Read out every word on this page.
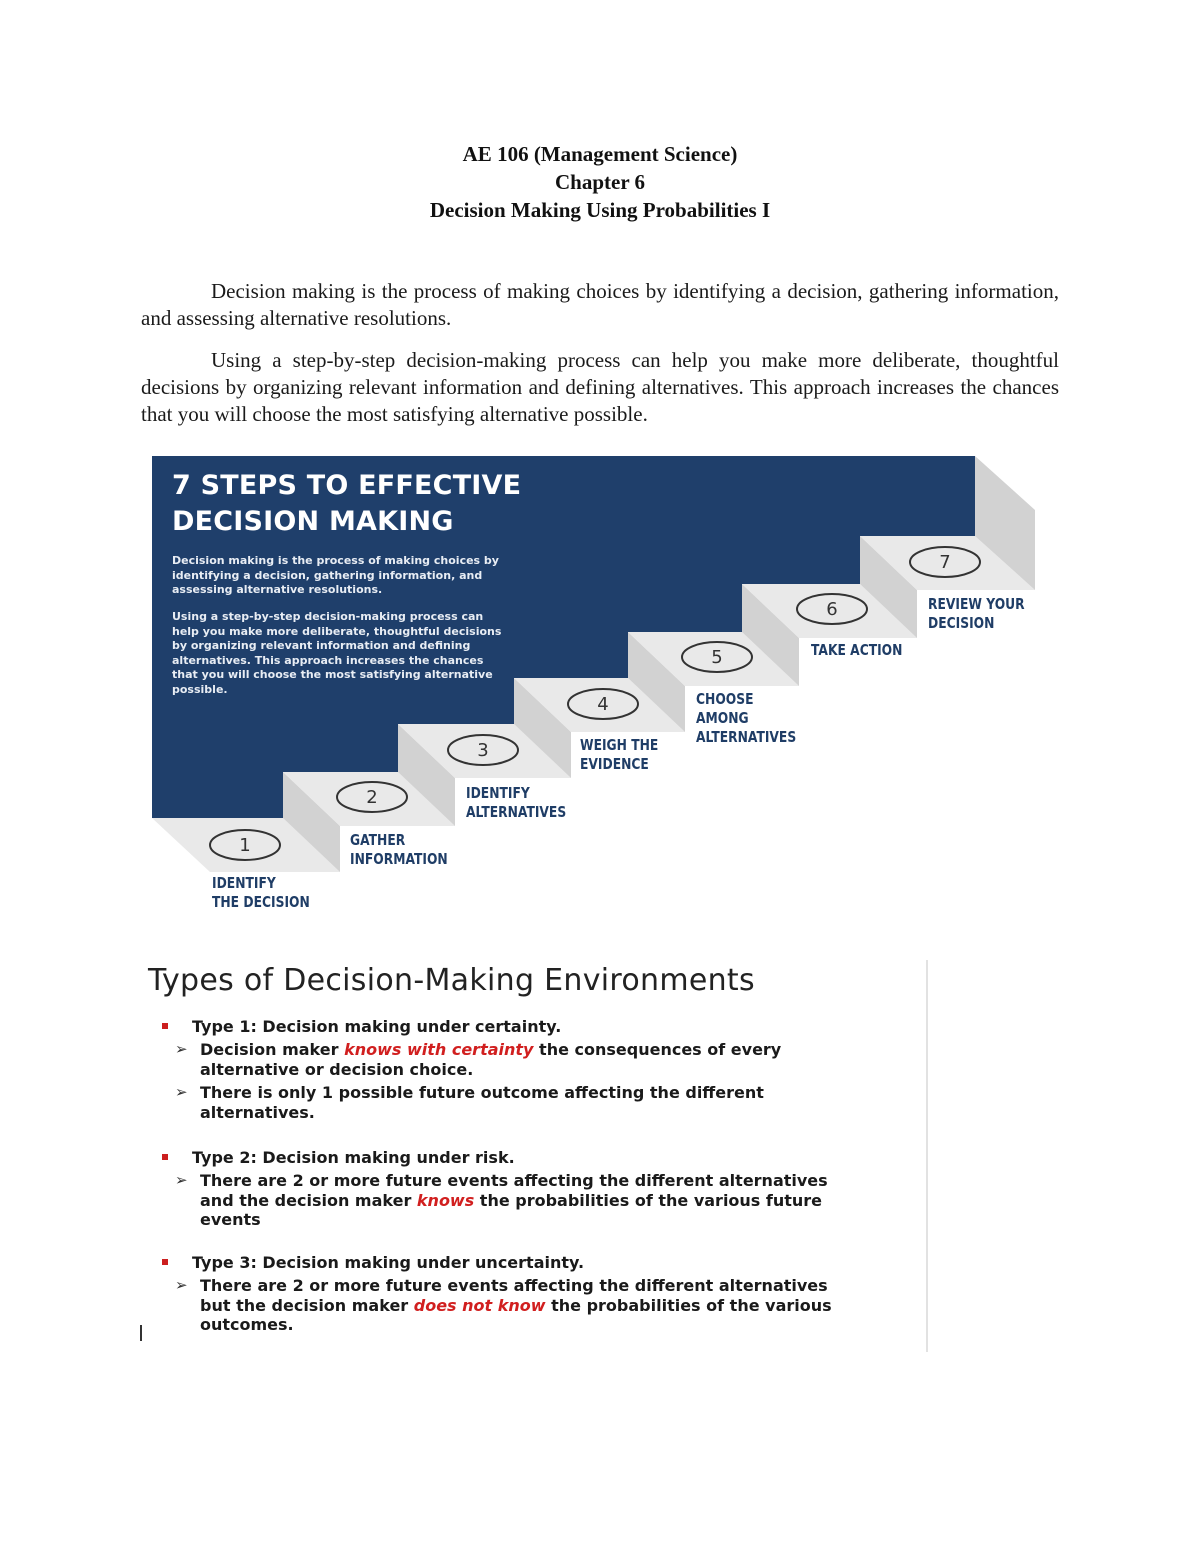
AE 106 (Management Science)
Chapter 6
Decision Making Using Probabilities I
Decision making is the process of making choices by identifying a decision, gathering information, and assessing alternative resolutions.
Using a step-by-step decision-making process can help you make more deliberate, thoughtful decisions by organizing relevant information and defining alternatives. This approach increases the chances that you will choose the most satisfying alternative possible.
1
2
3
4
5
6
7
7 STEPS TO EFFECTIVE
DECISION MAKING
Decision making is the process of making choices by identifying a decision, gathering information, and assessing alternative resolutions.
Using a step-by-step decision-making process can help you make more deliberate, thoughtful decisions by organizing relevant information and defining alternatives. This approach increases the chances that you will choose the most satisfying alternative possible.
IDENTIFY
THE DECISION
GATHER
INFORMATION
IDENTIFY
ALTERNATIVES
WEIGH THE
EVIDENCE
CHOOSE
AMONG
ALTERNATIVES
TAKE ACTION
REVIEW YOUR
DECISION
Types of Decision-Making Environments
Type 1: Decision making under certainty.
➢ Decision maker knows with certainty the consequences of every alternative or decision choice.
➢ There is only 1 possible future outcome affecting the different alternatives.
Type 2: Decision making under risk.
➢ There are 2 or more future events affecting the different alternatives and the decision maker knows the probabilities of the various future events
Type 3: Decision making under uncertainty.
➢ There are 2 or more future events affecting the different alternatives but the decision maker does not know the probabilities of the various outcomes.
